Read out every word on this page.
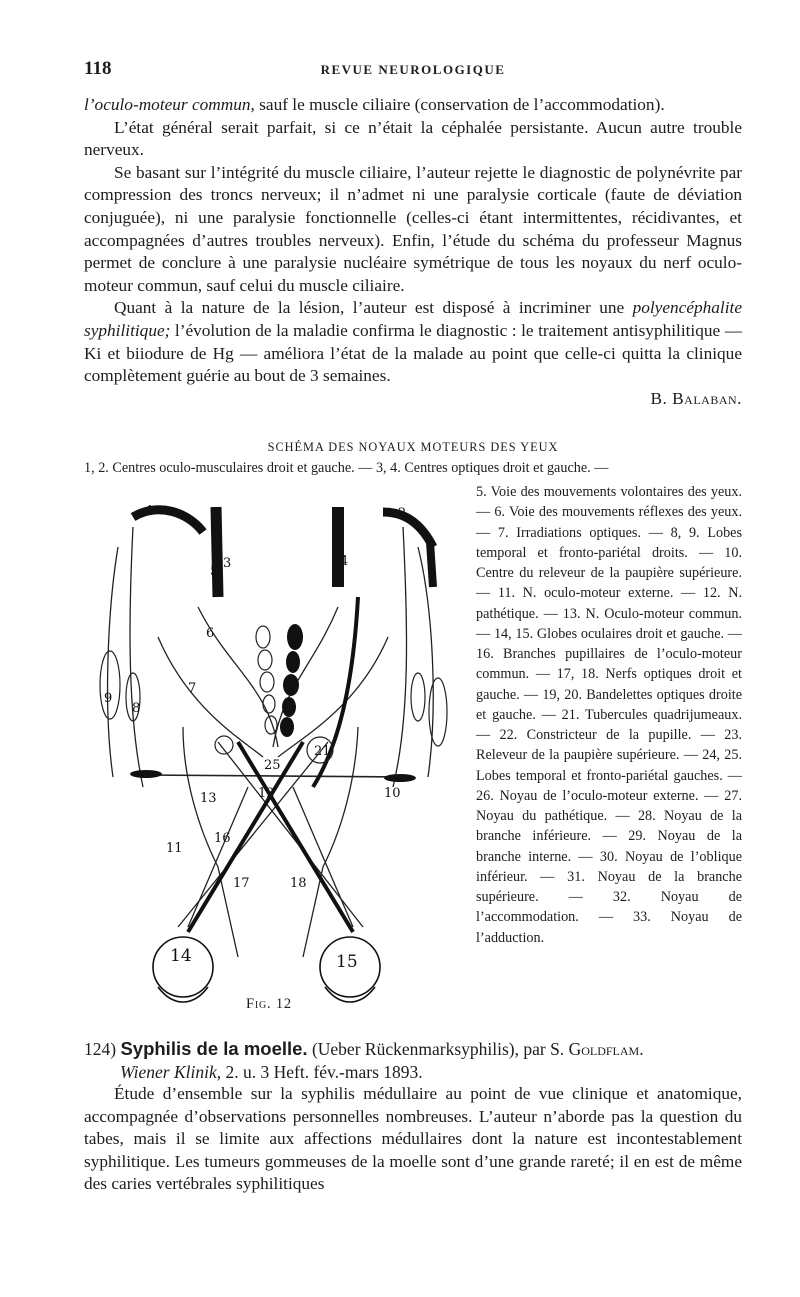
118	REVUE NEUROLOGIQUE

l’oculo-moteur commun, sauf le muscle ciliaire (conservation de l’accommodation).

L’état général serait parfait, si ce n’était la céphalée persistante. Aucun autre trouble nerveux.

Se basant sur l’intégrité du muscle ciliaire, l’auteur rejette le diagnostic de polynévrite par compression des troncs nerveux; il n’admet ni une paralysie corticale (faute de déviation conjuguée), ni une paralysie fonctionnelle (celles-ci étant intermittentes, récidivantes, et accompagnées d’autres troubles nerveux). Enfin, l’étude du schéma du professeur Magnus permet de conclure à une paralysie nucléaire symétrique de tous les noyaux du nerf oculo-moteur commun, sauf celui du muscle ciliaire.

Quant à la nature de la lésion, l’auteur est disposé à incriminer une polyencéphalite syphilitique; l’évolution de la maladie confirma le diagnostic : le traitement antisyphilitique — Ki et biiodure de Hg — améliora l’état de la malade au point que celle-ci quitta la clinique complètement guérie au bout de 3 semaines.

B. Balaban.

SCHÉMA DES NOYAUX MOTEURS DES YEUX
1, 2. Centres oculo-musculaires droit et gauche. — 3, 4. Centres optiques droit et gauche. —
5. Voie des mouvements volontaires des yeux. — 6. Voie des mouvements réflexes des yeux. — 7. Irradiations optiques. — 8, 9. Lobes temporal et fronto-pariétal droits. — 10. Centre du releveur de la paupière supérieure. — 11. N. oculo-moteur externe. — 12. N. pathétique. — 13. N. Oculo-moteur commun. — 14, 15. Globes oculaires droit et gauche. — 16. Branches pupillaires de l’oculo-moteur commun. — 17, 18. Nerfs optiques droit et gauche. — 19, 20. Bandelettes optiques droite et gauche. — 21. Tubercules quadrijumeaux. — 22. Constricteur de la pupille. — 23. Releveur de la paupière supérieure. — 24, 25. Lobes temporal et fronto-pariétal gauches. — 26. Noyau de l’oculo-moteur externe. — 27. Noyau du pathétique. — 28. Noyau de la branche inférieure. — 29. Noyau de la branche interne. — 30. Noyau de l’oblique inférieur. — 31. Noyau de la branche supérieure. — 32. Noyau de l’accommodation. — 33. Noyau de l’adduction.
1	2
3	4
5
6
7
8
9
10
11
12
13
14	15
16
17	18
21
25
Fig. 12
124) Syphilis de la moelle. (Ueber Rückenmarksyphilis), par S. Goldflam.
Wiener Klinik, 2. u. 3 Heft. fév.-mars 1893.

Étude d’ensemble sur la syphilis médullaire au point de vue clinique et anatomique, accompagnée d’observations personnelles nombreuses. L’auteur n’aborde pas la question du tabes, mais il se limite aux affections médullaires dont la nature est incontestablement syphilitique. Les tumeurs gommeuses de la moelle sont d’une grande rareté; il en est de même des caries vertébrales syphilitiques
